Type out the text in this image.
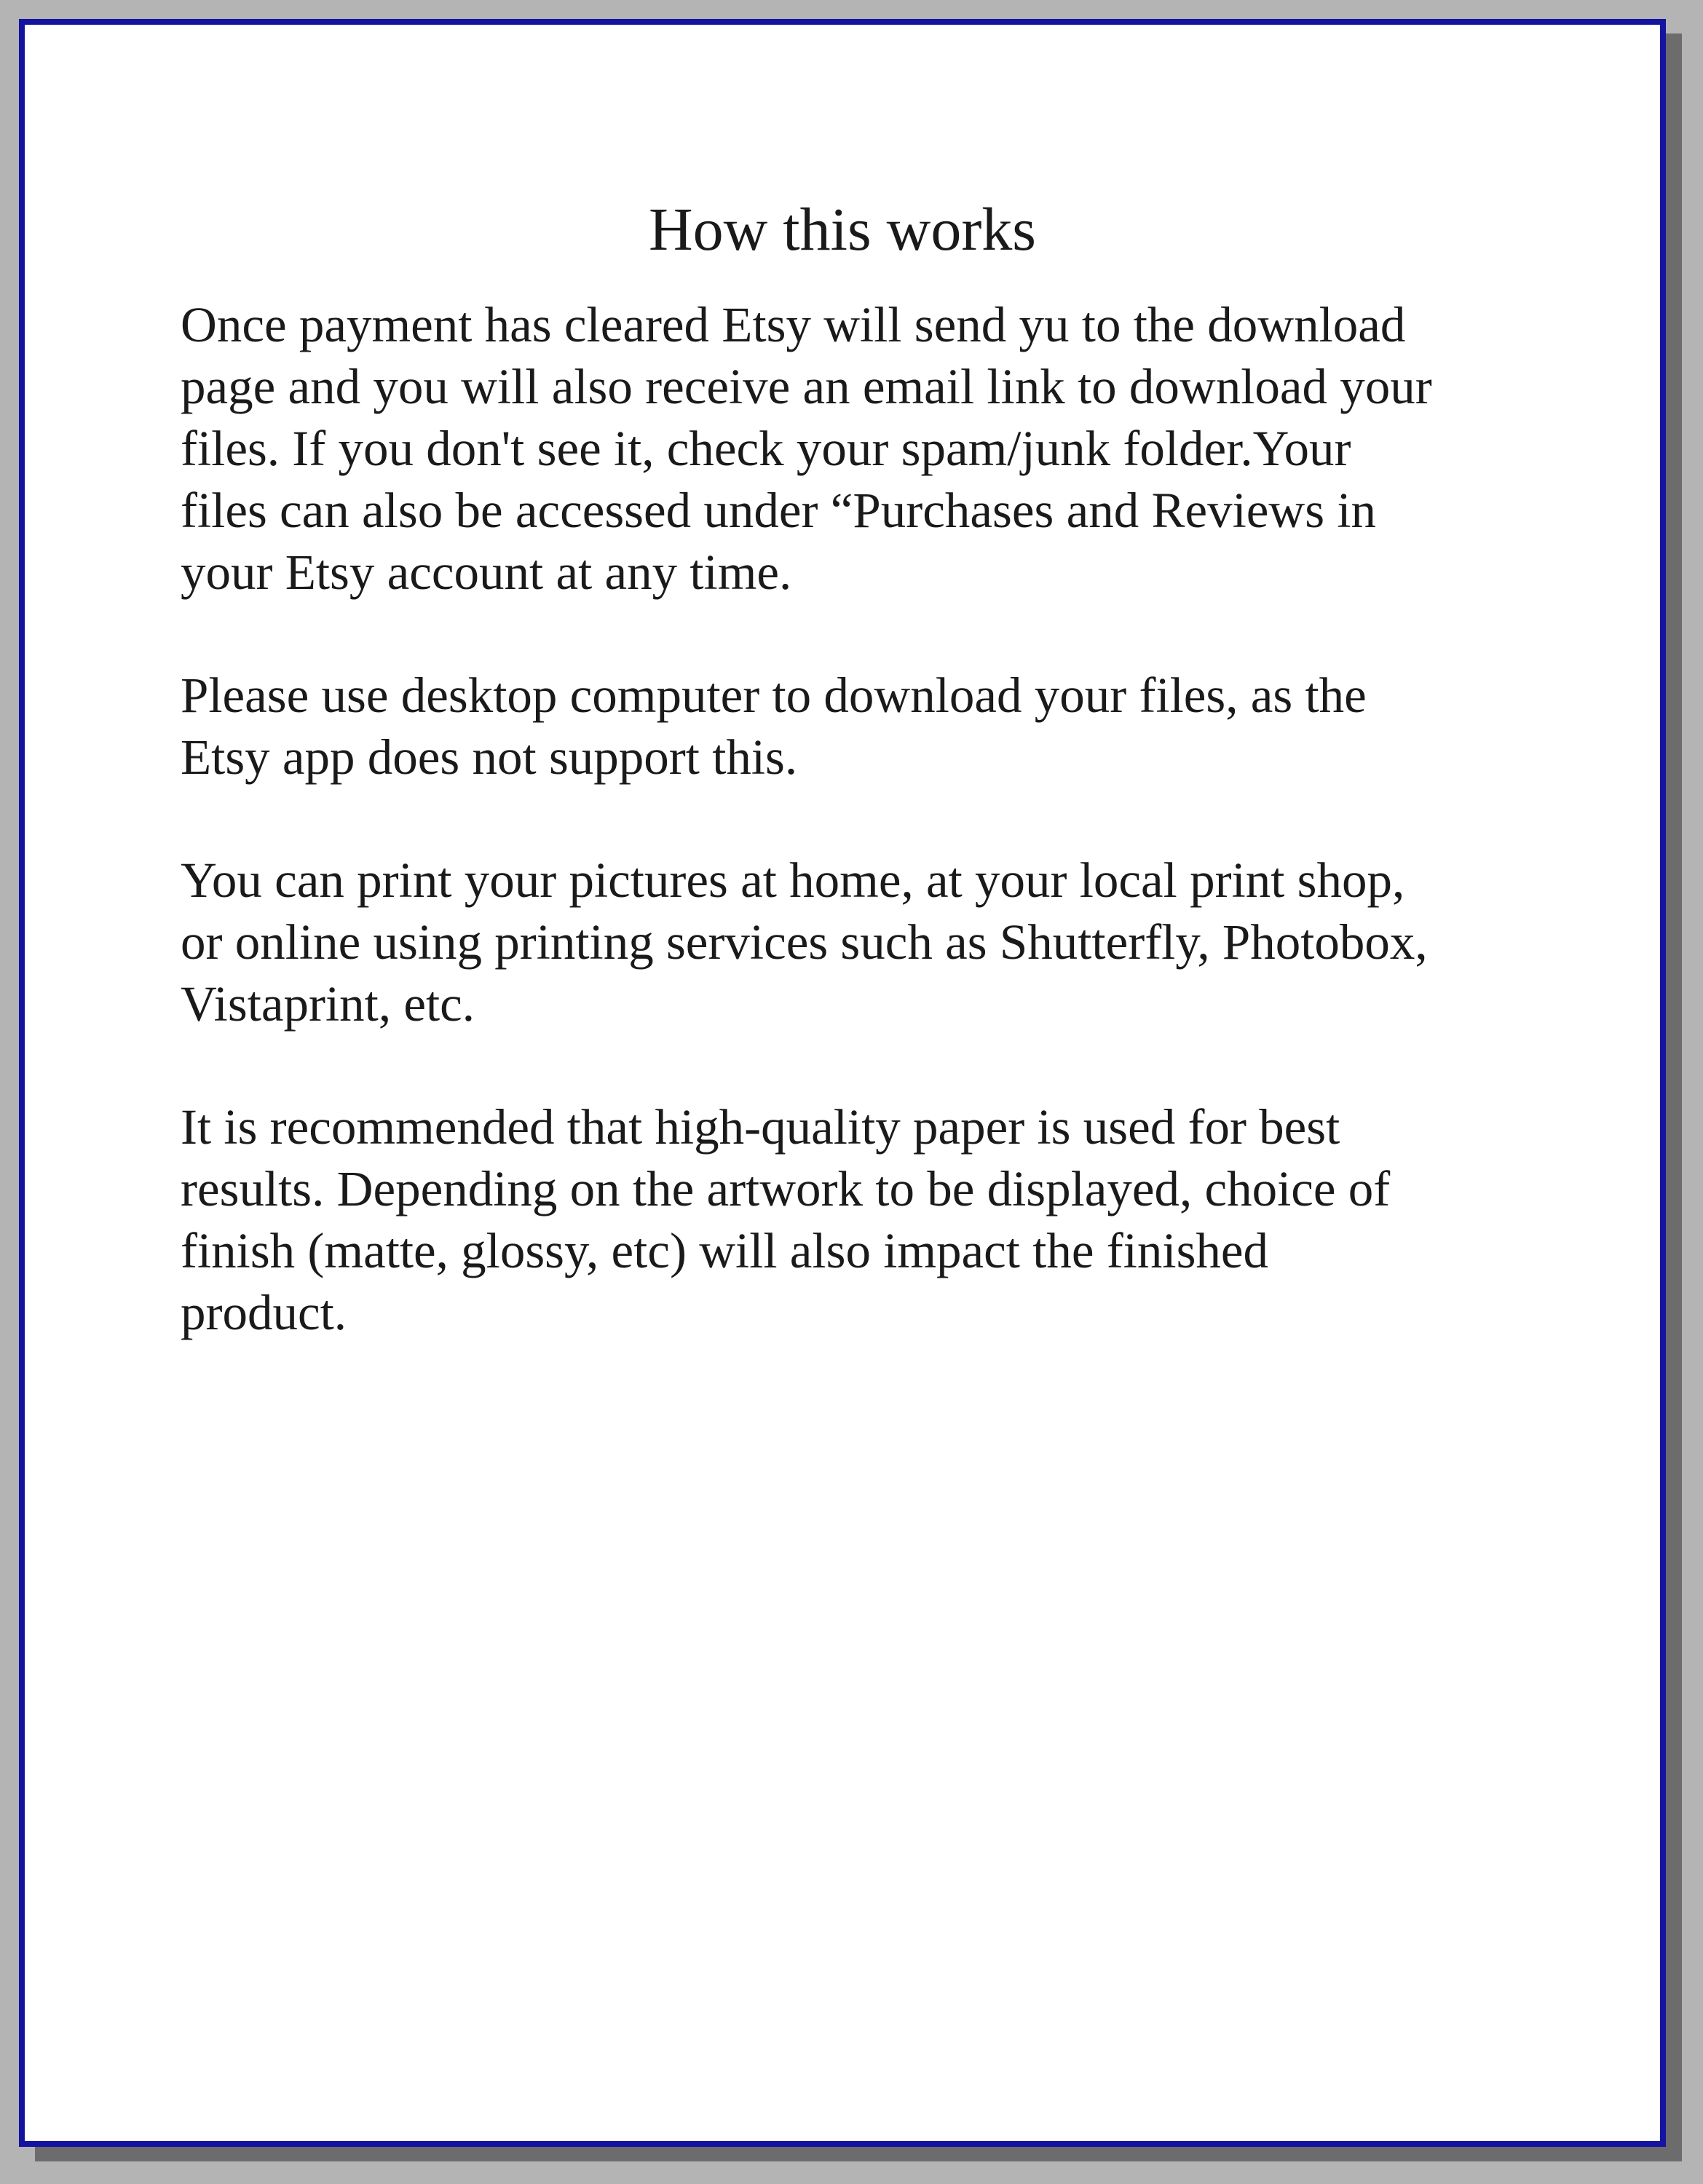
How this works

Once payment has cleared Etsy will send yu to the download
page and you will also receive an email link to download your
files. If you don't see it, check your spam/junk folder.Your
files can also be accessed under “Purchases and Reviews in
your Etsy account at any time.

Please use desktop computer to download your files, as the
Etsy app does not support this.

You can print your pictures at home, at your local print shop,
or online using printing services such as Shutterfly, Photobox,
Vistaprint, etc.

It is recommended that high-quality paper is used for best
results. Depending on the artwork to be displayed, choice of
finish (matte, glossy, etc) will also impact the finished
product.
